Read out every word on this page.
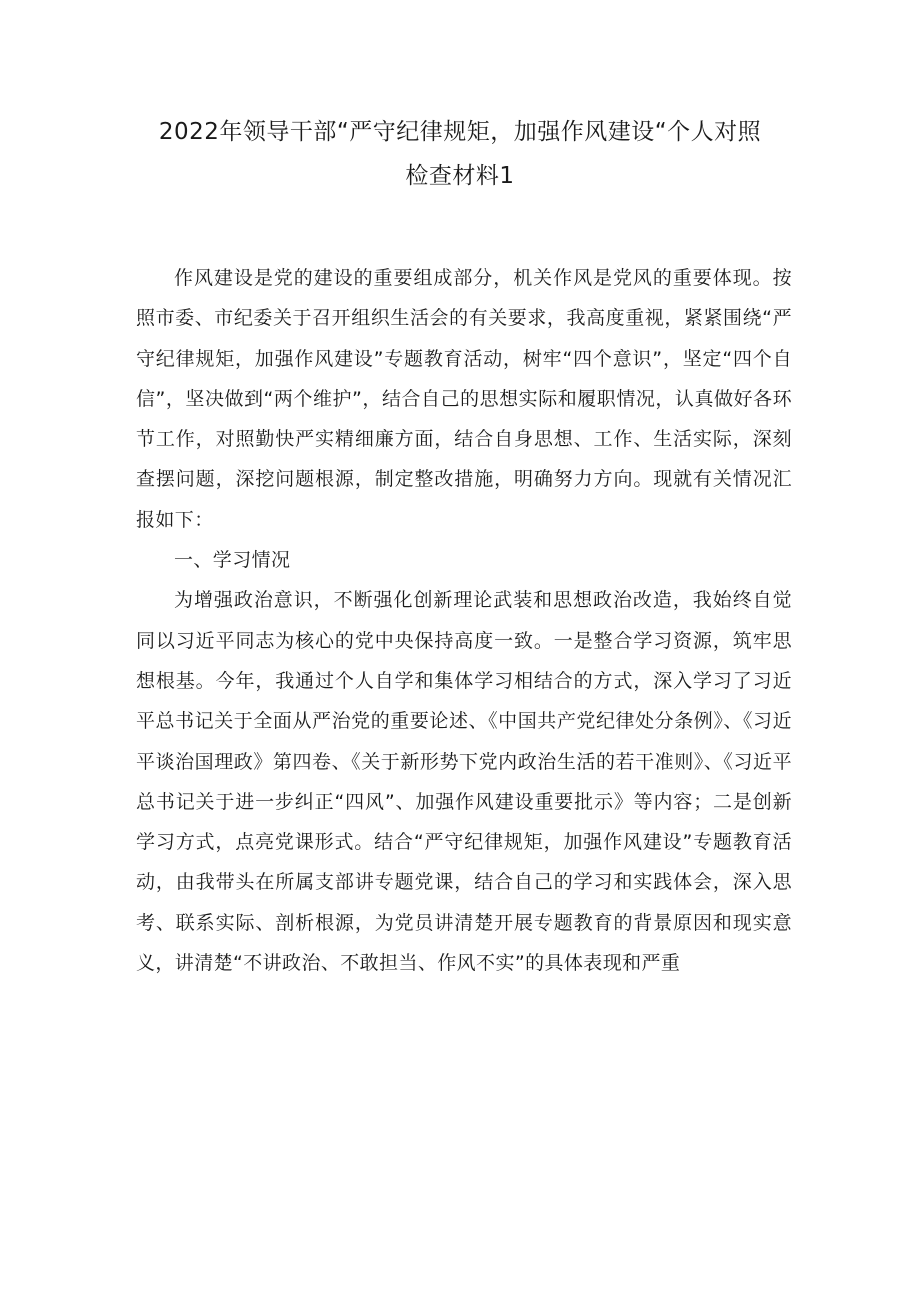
2022年领导干部“严守纪律规矩，加强作风建设“个人对照
检查材料1

作风建设是党的建设的重要组成部分，机关作风是党风的重要体现。按照市委、市纪委关于召开组织生活会的有关要求，我高度重视，紧紧围绕“严守纪律规矩，加强作风建设”专题教育活动，树牢“四个意识”，坚定“四个自信”，坚决做到“两个维护”，结合自己的思想实际和履职情况，认真做好各环节工作，对照勤快严实精细廉方面，结合自身思想、工作、生活实际，深刻查摆问题，深挖问题根源，制定整改措施，明确努力方向。现就有关情况汇报如下：

一、学习情况

为增强政治意识，不断强化创新理论武装和思想政治改造，我始终自觉同以习近平同志为核心的党中央保持高度一致。一是整合学习资源，筑牢思想根基。今年，我通过个人自学和集体学习相结合的方式，深入学习了习近平总书记关于全面从严治党的重要论述、《中国共产党纪律处分条例》、《习近平谈治国理政》第四卷、《关于新形势下党内政治生活的若干准则》、《习近平总书记关于进一步纠正“四风”、加强作风建设重要批示》等内容；二是创新学习方式，点亮党课形式。结合“严守纪律规矩，加强作风建设”专题教育活动，由我带头在所属支部讲专题党课，结合自己的学习和实践体会，深入思考、联系实际、剖析根源，为党员讲清楚开展专题教育的背景原因和现实意义，讲清楚“不讲政治、不敢担当、作风不实”的具体表现和严重
